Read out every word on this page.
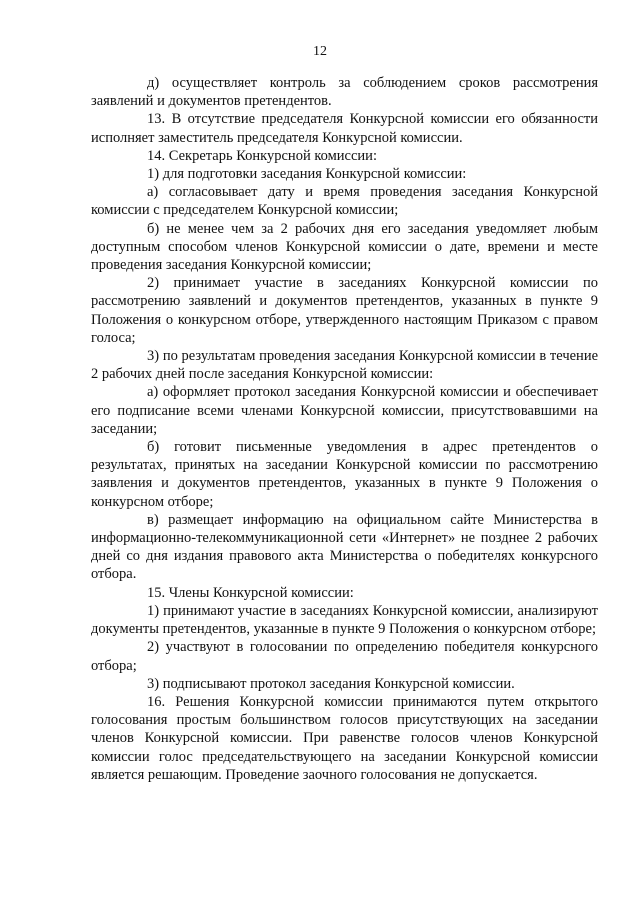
12

д) осуществляет контроль за соблюдением сроков рассмотрения заявлений и документов претендентов.

13. В отсутствие председателя Конкурсной комиссии его обязанности исполняет заместитель председателя Конкурсной комиссии.

14. Секретарь Конкурсной комиссии:

1) для подготовки заседания Конкурсной комиссии:

а) согласовывает дату и время проведения заседания Конкурсной комиссии с председателем Конкурсной комиссии;

б) не менее чем за 2 рабочих дня его заседания уведомляет любым доступным способом членов Конкурсной комиссии о дате, времени и месте проведения заседания Конкурсной комиссии;

2) принимает участие в заседаниях Конкурсной комиссии по рассмотрению заявлений и документов претендентов, указанных в пункте 9 Положения о конкурсном отборе, утвержденного настоящим Приказом с правом голоса;

3) по результатам проведения заседания Конкурсной комиссии в течение 2 рабочих дней после заседания Конкурсной комиссии:

а) оформляет протокол заседания Конкурсной комиссии и обеспечивает его подписание всеми членами Конкурсной комиссии, присутствовавшими на заседании;

б) готовит письменные уведомления в адрес претендентов о результатах, принятых на заседании Конкурсной комиссии по рассмотрению заявления и документов претендентов, указанных в пункте 9 Положения о конкурсном отборе;

в) размещает информацию на официальном сайте Министерства в информационно-телекоммуникационной сети «Интернет» не позднее 2 рабочих дней со дня издания правового акта Министерства о победителях конкурсного отбора.

15. Члены Конкурсной комиссии:

1) принимают участие в заседаниях Конкурсной комиссии, анализируют документы претендентов, указанные в пункте 9 Положения о конкурсном отборе;

2) участвуют в голосовании по определению победителя конкурсного отбора;

3) подписывают протокол заседания Конкурсной комиссии.

16. Решения Конкурсной комиссии принимаются путем открытого голосования простым большинством голосов присутствующих на заседании членов Конкурсной комиссии. При равенстве голосов членов Конкурсной комиссии голос председательствующего на заседании Конкурсной комиссии является решающим. Проведение заочного голосования не допускается.
